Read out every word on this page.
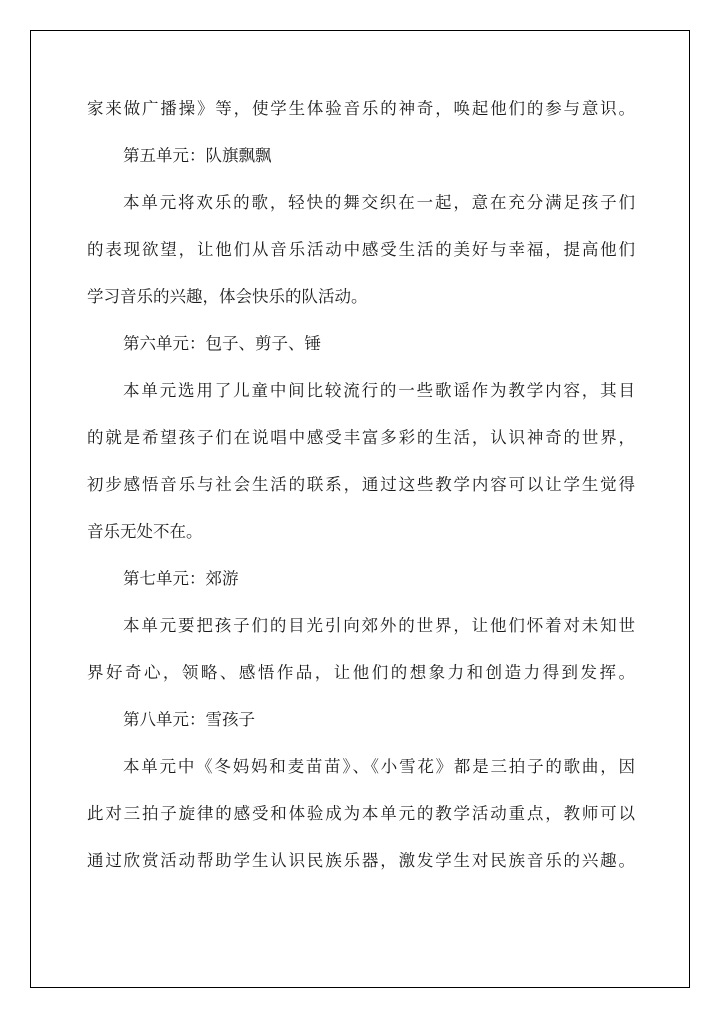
家来做广播操》等，使学生体验音乐的神奇，唤起他们的参与意识。
第五单元：队旗飘飘
本单元将欢乐的歌，轻快的舞交织在一起，意在充分满足孩子们
的表现欲望，让他们从音乐活动中感受生活的美好与幸福，提高他们
学习音乐的兴趣，体会快乐的队活动。
第六单元：包子、剪子、锤
本单元选用了儿童中间比较流行的一些歌谣作为教学内容，其目
的就是希望孩子们在说唱中感受丰富多彩的生活，认识神奇的世界，
初步感悟音乐与社会生活的联系，通过这些教学内容可以让学生觉得
音乐无处不在。
第七单元：郊游
本单元要把孩子们的目光引向郊外的世界，让他们怀着对未知世
界好奇心，领略、感悟作品，让他们的想象力和创造力得到发挥。
第八单元：雪孩子
本单元中《冬妈妈和麦苗苗》、《小雪花》都是三拍子的歌曲，因
此对三拍子旋律的感受和体验成为本单元的教学活动重点，教师可以
通过欣赏活动帮助学生认识民族乐器，激发学生对民族音乐的兴趣。
